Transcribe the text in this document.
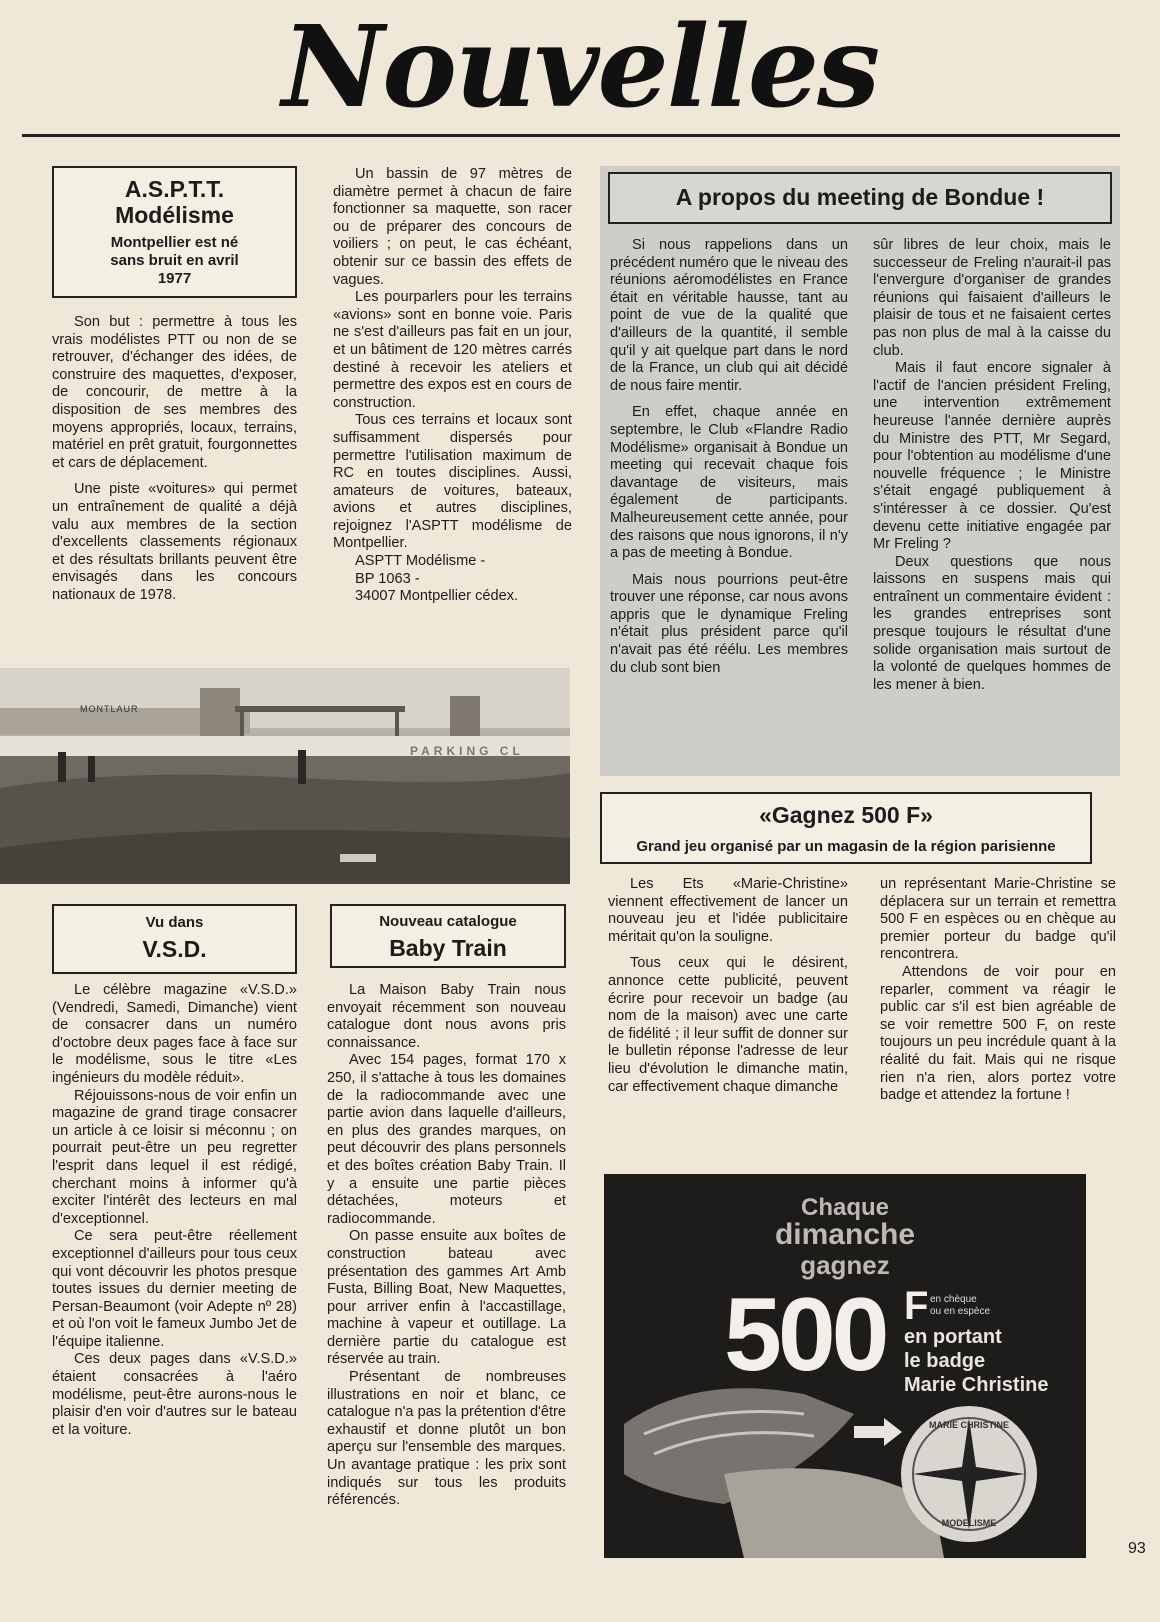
Nouvelles
A.S.P.T.T. Modélisme
Montpellier est né sans bruit en avril 1977

Son but : permettre à tous les vrais modélistes PTT ou non de se retrouver, d'échanger des idées, de construire des maquettes, d'exposer, de concourir, de mettre à la disposition de ses membres des moyens appropriés, locaux, terrains, matériel en prêt gratuit, fourgonnettes et cars de déplacement.

Une piste «voitures» qui permet un entraînement de qualité a déjà valu aux membres de la section d'excellents classements régionaux et des résultats brillants peuvent être envisagés dans les concours nationaux de 1978.

Un bassin de 97 mètres de diamètre permet à chacun de faire fonctionner sa maquette, son racer ou de préparer des concours de voiliers ; on peut, le cas échéant, obtenir sur ce bassin des effets de vagues.

Les pourparlers pour les terrains «avions» sont en bonne voie. Paris ne s'est d'ailleurs pas fait en un jour, et un bâtiment de 120 mètres carrés destiné à recevoir les ateliers et permettre des expos est en cours de construction.

Tous ces terrains et locaux sont suffisamment dispersés pour permettre l'utilisation maximum de RC en toutes disciplines. Aussi, amateurs de voitures, bateaux, avions et autres disciplines, rejoignez l'ASPTT modélisme de Montpellier.

ASPTT Modélisme -
BP 1063 -
34007 Montpellier cédex.
MONTLAUR
PARKING CL
A propos du meeting de Bondue !

Si nous rappelions dans un précédent numéro que le niveau des réunions aéromodélistes en France était en véritable hausse, tant au point de vue de la qualité que d'ailleurs de la quantité, il semble qu'il y ait quelque part dans le nord de la France, un club qui ait décidé de nous faire mentir.

En effet, chaque année en septembre, le Club «Flandre Radio Modélisme» organisait à Bondue un meeting qui recevait chaque fois davantage de visiteurs, mais également de participants. Malheureusement cette année, pour des raisons que nous ignorons, il n'y a pas de meeting à Bondue.

Mais nous pourrions peut-être trouver une réponse, car nous avons appris que le dynamique Freling n'était plus président parce qu'il n'avait pas été réélu. Les membres du club sont bien

sûr libres de leur choix, mais le successeur de Freling n'aurait-il pas l'envergure d'organiser de grandes réunions qui faisaient d'ailleurs le plaisir de tous et ne faisaient certes pas non plus de mal à la caisse du club.

Mais il faut encore signaler à l'actif de l'ancien président Freling, une intervention extrêmement heureuse l'année dernière auprès du Ministre des PTT, Mr Segard, pour l'obtention au modélisme d'une nouvelle fréquence ; le Ministre s'était engagé publiquement à s'intéresser à ce dossier. Qu'est devenu cette initiative engagée par Mr Freling ?

Deux questions que nous laissons en suspens mais qui entraînent un commentaire évident : les grandes entreprises sont presque toujours le résultat d'une solide organisation mais surtout de la volonté de quelques hommes de les mener à bien.

«Gagnez 500 F»
Grand jeu organisé par un magasin de la région parisienne

Les Ets «Marie-Christine» viennent effectivement de lancer un nouveau jeu et l'idée publicitaire méritait qu'on la souligne.

Tous ceux qui le désirent, annonce cette publicité, peuvent écrire pour recevoir un badge (au nom de la maison) avec une carte de fidélité ; il leur suffit de donner sur le bulletin réponse l'adresse de leur lieu d'évolution le dimanche matin, car effectivement chaque dimanche

un représentant Marie-Christine se déplacera sur un terrain et remettra 500 F en espèces ou en chèque au premier porteur du badge qu'il rencontrera.

Attendons de voir pour en reparler, comment va réagir le public car s'il est bien agréable de se voir remettre 500 F, on reste toujours un peu incrédule quant à la réalité du fait. Mais qui ne risque rien n'a rien, alors portez votre badge et attendez la fortune !

Vu dans
V.S.D.

Le célèbre magazine «V.S.D.» (Vendredi, Samedi, Dimanche) vient de consacrer dans un numéro d'octobre deux pages face à face sur le modélisme, sous le titre «Les ingénieurs du modèle réduit».

Réjouissons-nous de voir enfin un magazine de grand tirage consacrer un article à ce loisir si méconnu ; on pourrait peut-être un peu regretter l'esprit dans lequel il est rédigé, cherchant moins à informer qu'à exciter l'intérêt des lecteurs en mal d'exceptionnel.

Ce sera peut-être réellement exceptionnel d'ailleurs pour tous ceux qui vont découvrir les photos presque toutes issues du dernier meeting de Persan-Beaumont (voir Adepte nº 28) et où l'on voit le fameux Jumbo Jet de l'équipe italienne.

Ces deux pages dans «V.S.D.» étaient consacrées à l'aéro modélisme, peut-être aurons-nous le plaisir d'en voir d'autres sur le bateau et la voiture.

Nouveau catalogue
Baby Train

La Maison Baby Train nous envoyait récemment son nouveau catalogue dont nous avons pris connaissance.

Avec 154 pages, format 170 x 250, il s'attache à tous les domaines de la radiocommande avec une partie avion dans laquelle d'ailleurs, en plus des grandes marques, on peut découvrir des plans personnels et des boîtes création Baby Train. Il y a ensuite une partie pièces détachées, moteurs et radiocommande.

On passe ensuite aux boîtes de construction bateau avec présentation des gammes Art Amb Fusta, Billing Boat, New Maquettes, pour arriver enfin à l'accastillage, machine à vapeur et outillage. La dernière partie du catalogue est réservée au train.

Présentant de nombreuses illustrations en noir et blanc, ce catalogue n'a pas la prétention d'être exhaustif et donne plutôt un bon aperçu sur l'ensemble des marques. Un avantage pratique : les prix sont indiqués sur tous les produits référencés.

Chaque
dimanche
gagnez
500 F en chèque
ou en espèce
en portant
le badge
Marie Christine
MARIE CHRISTINE
MODELISME
93
